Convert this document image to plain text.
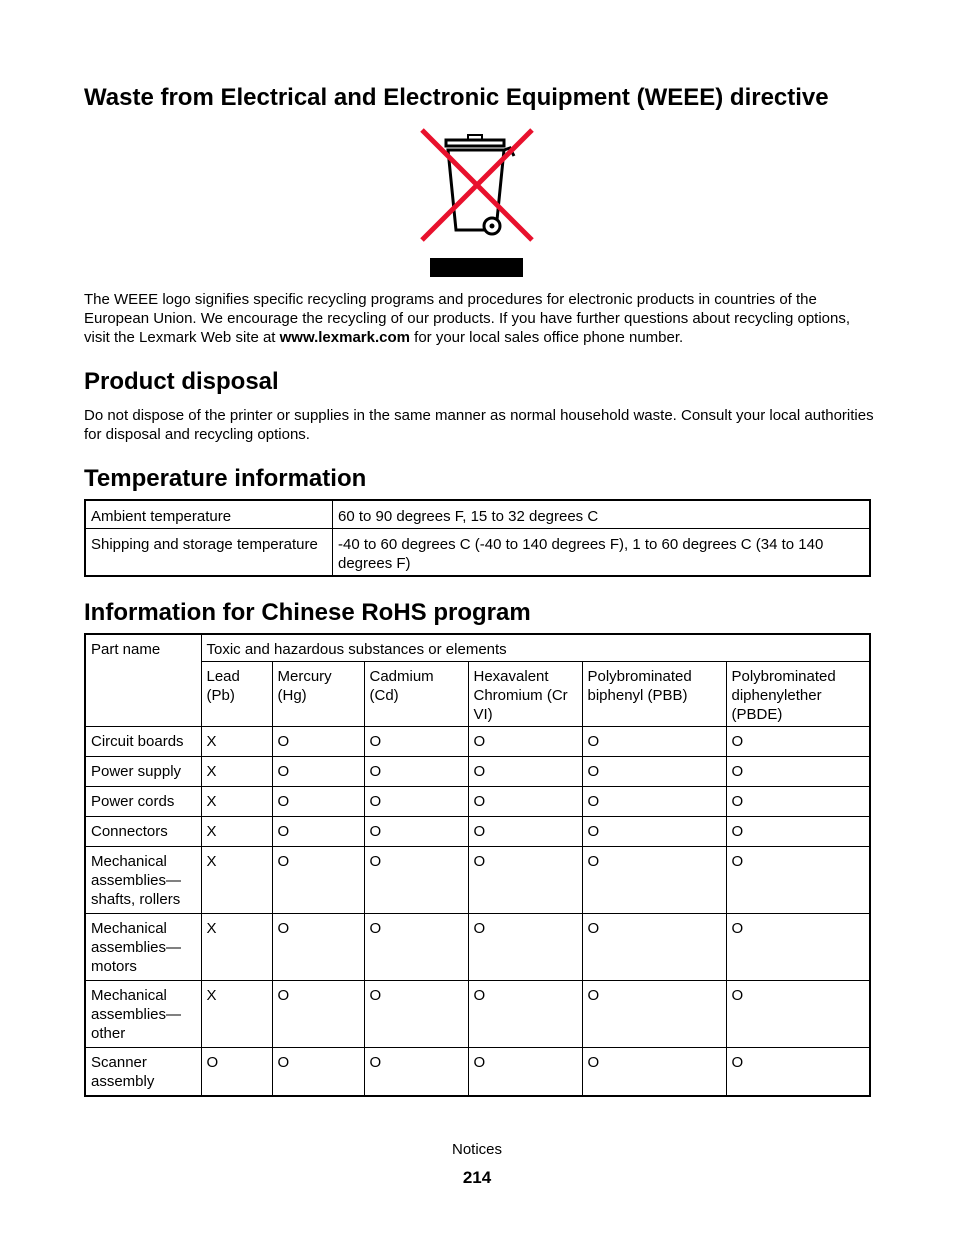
Waste from Electrical and Electronic Equipment (WEEE) directive

The WEEE logo signifies specific recycling programs and procedures for electronic products in countries of the European Union. We encourage the recycling of our products. If you have further questions about recycling options, visit the Lexmark Web site at www.lexmark.com for your local sales office phone number.

Product disposal

Do not dispose of the printer or supplies in the same manner as normal household waste. Consult your local authorities for disposal and recycling options.

Temperature information
Ambient temperature	60 to 90 degrees F, 15 to 32 degrees C
Shipping and storage temperature	-40 to 60 degrees C (-40 to 140 degrees F), 1 to 60 degrees C (34 to 140 degrees F)
Information for Chinese RoHS program
Part name	Toxic and hazardous substances or elements					
	Lead (Pb)	Mercury (Hg)	Cadmium (Cd)	Hexavalent Chromium (Cr VI)	Polybrominated biphenyl (PBB)	Polybrominated diphenylether (PBDE)
Circuit boards	X	O	O	O	O	O
Power supply	X	O	O	O	O	O
Power cords	X	O	O	O	O	O
Connectors	X	O	O	O	O	O
Mechanical assemblies—shafts, rollers	X	O	O	O	O	O
Mechanical assemblies—motors	X	O	O	O	O	O
Mechanical assemblies—other	X	O	O	O	O	O
Scanner assembly	O	O	O	O	O	O
Notices
214
